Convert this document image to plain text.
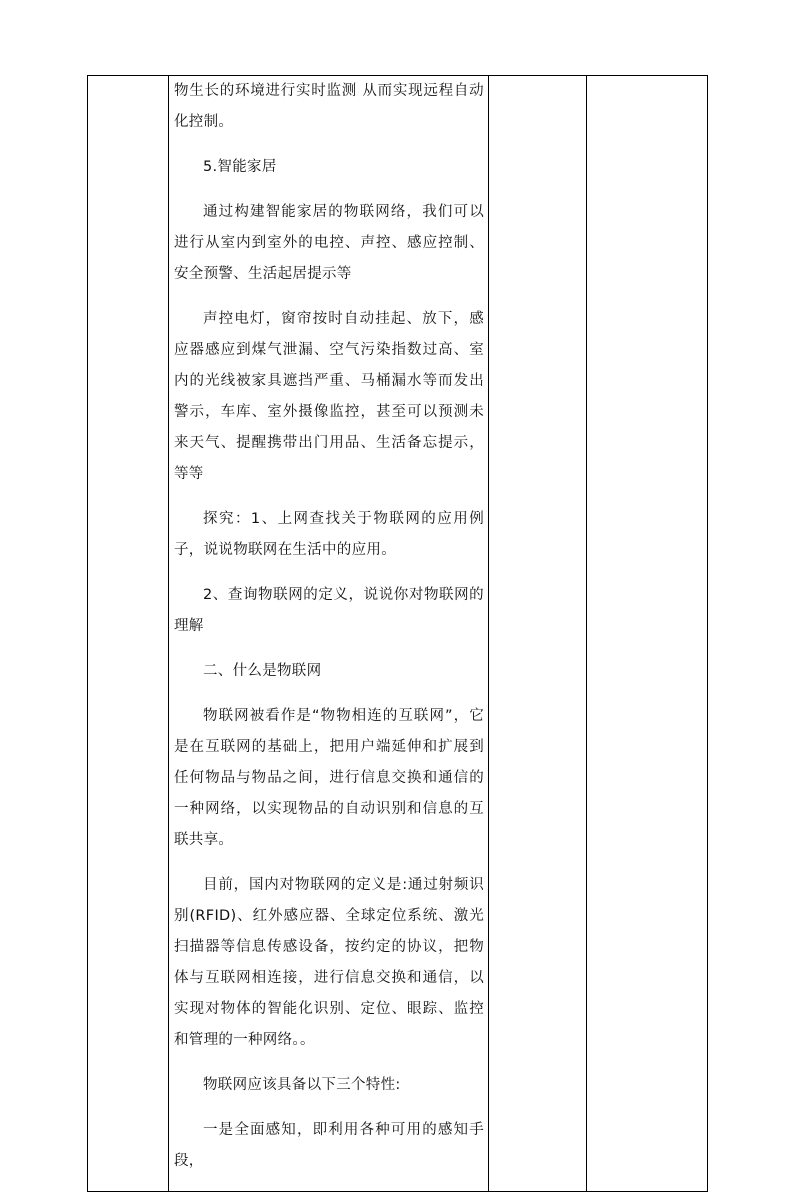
物生长的环境进行实时监测 从而实现远程自动化控制。

5.智能家居

通过构建智能家居的物联网络，我们可以进行从室内到室外的电控、声控、感应控制、安全预警、生活起居提示等

声控电灯，窗帘按时自动挂起、放下，感应器感应到煤气泄漏、空气污染指数过高、室内的光线被家具遮挡严重、马桶漏水等而发出警示，车库、室外摄像监控，甚至可以预测未来天气、提醒携带出门用品、生活备忘提示，等等

探究：1、上网查找关于物联网的应用例子，说说物联网在生活中的应用。

2、查询物联网的定义，说说你对物联网的理解

二、什么是物联网

物联网被看作是“物物相连的互联网”，它是在互联网的基础上，把用户端延伸和扩展到任何物品与物品之间，进行信息交换和通信的一种网络，以实现物品的自动识别和信息的互联共享。

目前，国内对物联网的定义是:通过射频识别(RFID)、红外感应器、全球定位系统、激光扫描器等信息传感设备，按约定的协议，把物体与互联网相连接，进行信息交换和通信，以实现对物体的智能化识别、定位、眼踪、监控和管理的一种网络。。

物联网应该具备以下三个特性:

一是全面感知，即利用各种可用的感知手段，
